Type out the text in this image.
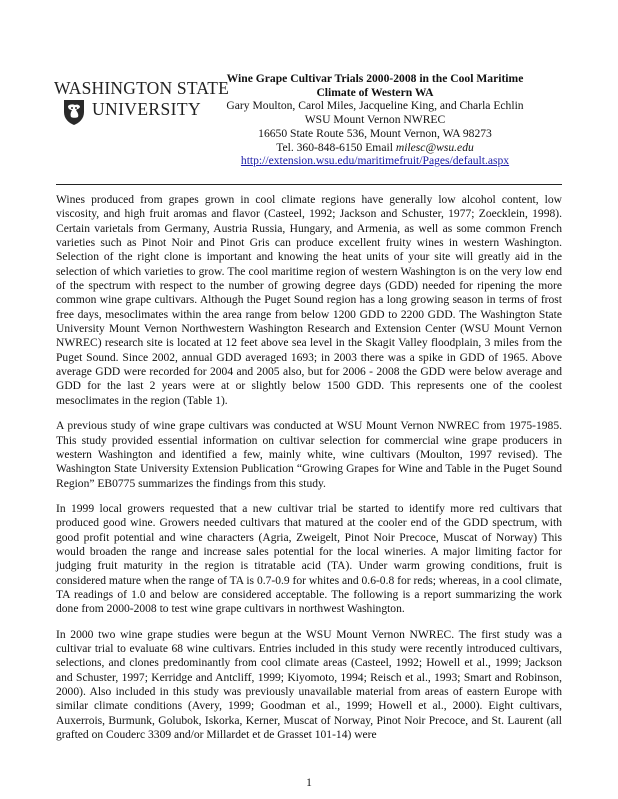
WASHINGTON STATE
UNIVERSITY
Wine Grape Cultivar Trials 2000-2008 in the Cool Maritime
Climate of Western WA
Gary Moulton, Carol Miles, Jacqueline King, and Charla Echlin
WSU Mount Vernon NWREC
16650 State Route 536, Mount Vernon, WA 98273
Tel. 360-848-6150 Email milesc@wsu.edu
http://extension.wsu.edu/maritimefruit/Pages/default.aspx

Wines produced from grapes grown in cool climate regions have generally low alcohol content, low viscosity, and high fruit aromas and flavor (Casteel, 1992; Jackson and Schuster, 1977; Zoecklein, 1998). Certain varietals from Germany, Austria Russia, Hungary, and Armenia, as well as some common French varieties such as Pinot Noir and Pinot Gris can produce excellent fruity wines in western Washington. Selection of the right clone is important and knowing the heat units of your site will greatly aid in the selection of which varieties to grow. The cool maritime region of western Washington is on the very low end of the spectrum with respect to the number of growing degree days (GDD) needed for ripening the more common wine grape cultivars. Although the Puget Sound region has a long growing season in terms of frost free days, mesoclimates within the area range from below 1200 GDD to 2200 GDD. The Washington State University Mount Vernon Northwestern Washington Research and Extension Center (WSU Mount Vernon NWREC) research site is located at 12 feet above sea level in the Skagit Valley floodplain, 3 miles from the Puget Sound. Since 2002, annual GDD averaged 1693; in 2003 there was a spike in GDD of 1965. Above average GDD were recorded for 2004 and 2005 also, but for 2006 - 2008 the GDD were below average and GDD for the last 2 years were at or slightly below 1500 GDD. This represents one of the coolest mesoclimates in the region (Table 1).

A previous study of wine grape cultivars was conducted at WSU Mount Vernon NWREC from 1975-1985. This study provided essential information on cultivar selection for commercial wine grape producers in western Washington and identified a few, mainly white, wine cultivars (Moulton, 1997 revised). The Washington State University Extension Publication “Growing Grapes for Wine and Table in the Puget Sound Region” EB0775 summarizes the findings from this study.

In 1999 local growers requested that a new cultivar trial be started to identify more red cultivars that produced good wine. Growers needed cultivars that matured at the cooler end of the GDD spectrum, with good profit potential and wine characters (Agria, Zweigelt, Pinot Noir Precoce, Muscat of Norway) This would broaden the range and increase sales potential for the local wineries. A major limiting factor for judging fruit maturity in the region is titratable acid (TA). Under warm growing conditions, fruit is considered mature when the range of TA is 0.7-0.9 for whites and 0.6-0.8 for reds; whereas, in a cool climate, TA readings of 1.0 and below are considered acceptable. The following is a report summarizing the work done from 2000-2008 to test wine grape cultivars in northwest Washington.

In 2000 two wine grape studies were begun at the WSU Mount Vernon NWREC. The first study was a cultivar trial to evaluate 68 wine cultivars. Entries included in this study were recently introduced cultivars, selections, and clones predominantly from cool climate areas (Casteel, 1992; Howell et al., 1999; Jackson and Schuster, 1997; Kerridge and Antcliff, 1999; Kiyomoto, 1994; Reisch et al., 1993; Smart and Robinson, 2000). Also included in this study was previously unavailable material from areas of eastern Europe with similar climate conditions (Avery, 1999; Goodman et al., 1999; Howell et al., 2000). Eight cultivars, Auxerrois, Burmunk, Golubok, Iskorka, Kerner, Muscat of Norway, Pinot Noir Precoce, and St. Laurent (all grafted on Couderc 3309 and/or Millardet et de Grasset 101-14) were

1
